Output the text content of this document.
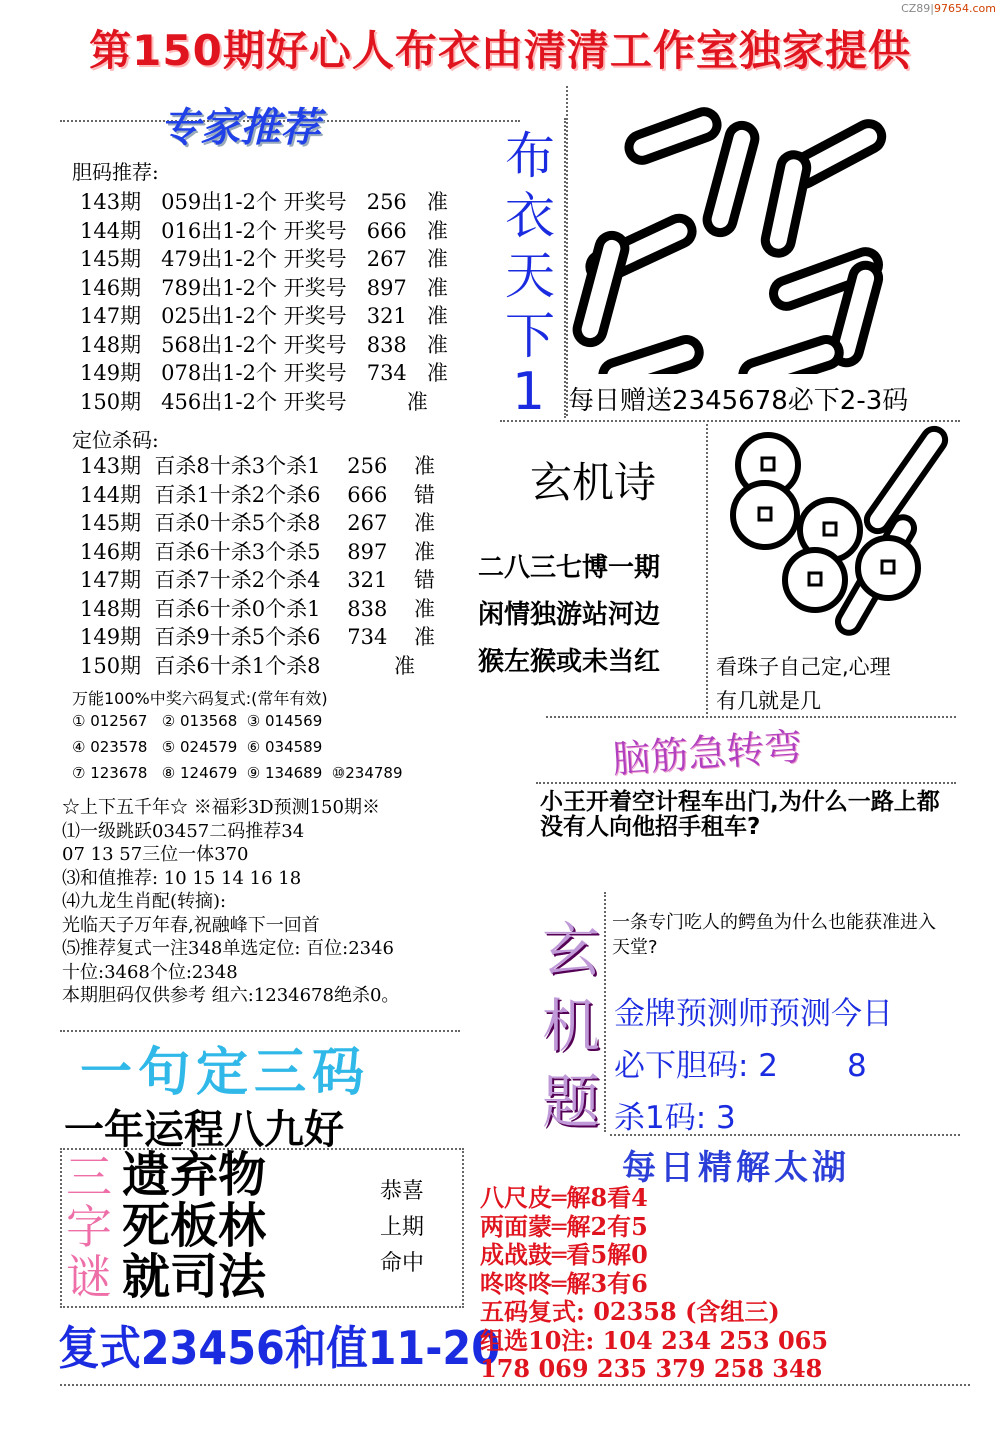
CZ89|97654.com
第150期好心人布衣由清清工作室独家提供
专家推荐
胆码推荐:
143期   059出1-2个 开奖号   256   准
144期   016出1-2个 开奖号   666   准
145期   479出1-2个 开奖号   267   准
146期   789出1-2个 开奖号   897   准
147期   025出1-2个 开奖号   321   准
148期   568出1-2个 开奖号   838   准
149期   078出1-2个 开奖号   734   准
150期   456出1-2个 开奖号         准
定位杀码:
143期  百杀8十杀3个杀1    256    准
144期  百杀1十杀2个杀6    666    错
145期  百杀0十杀5个杀8    267    准
146期  百杀6十杀3个杀5    897    准
147期  百杀7十杀2个杀4    321    错
148期  百杀6十杀0个杀1    838    准
149期  百杀9十杀5个杀6    734    准
150期  百杀6十杀1个杀8           准
万能100%中奖六码复式:(常年有效)
① 012567   ② 013568  ③ 014569
④ 023578   ⑤ 024579  ⑥ 034589
⑦ 123678   ⑧ 124679  ⑨ 134689  ⑩234789
布衣天下
1 每日赠送2345678必下2-3码
玄机诗
二八三七博一期
闲情独游站河边
猴左猴或未当红	看珠子自己定,心理
有几就是几
脑筋急转弯
小王开着空计程车出门,为什么一路上都没有人向他招手租车?
☆上下五千年☆ ※福彩3D预测150期※
⑴一级跳跃03457二码推荐34
07 13 57三位一体370
⑶和值推荐: 10 15 14 16 18
⑷九龙生肖配(转摘):
光临天子万年春,祝融峰下一回首
⑸推荐复式一注348单选定位: 百位:2346
十位:3468个位:2348
本期胆码仅供参考 组六:1234678绝杀0。
玄机题
一条专门吃人的鳄鱼为什么也能获准进入天堂?
金牌预测师预测今日
必下胆码: 2       8
杀1码: 3
一句定三码
一年运程八九好
三字谜
遗弃物
死板林
就司法
恭喜
上期
命中
复式23456和值11-20
每日精解太湖
八尺皮═解8看4
两面蒙═解2有5
成战鼓═看5解0
咚咚咚═解3有6
五码复式: 02358 (含组三)
组选10注: 104 234 253 065
178 069 235 379 258 348
